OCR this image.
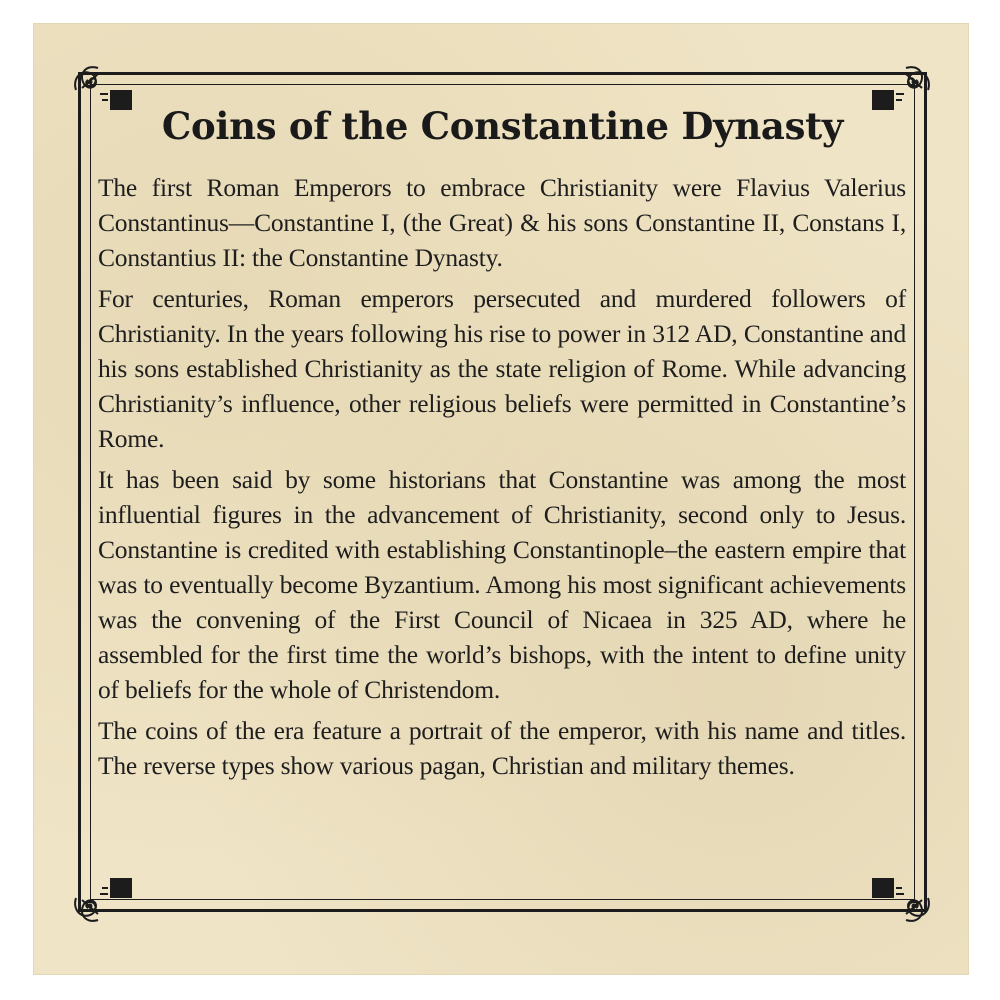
Coins of the Constantine Dynasty

The first Roman Emperors to embrace Christianity were Flavius Valerius Constantinus—Constantine I, (the Great) & his sons Constantine II, Constans I, Constantius II: the Constantine Dynasty.

For centuries, Roman emperors persecuted and murdered followers of Christianity. In the years following his rise to power in 312 AD, Constantine and his sons established Christianity as the state religion of Rome. While advancing Christianity’s influence, other religious beliefs were permitted in Constantine’s Rome.

It has been said by some historians that Constantine was among the most influential figures in the advancement of Christianity, second only to Jesus. Constantine is credited with establishing Constantinople–the eastern empire that was to eventually become Byzantium. Among his most significant achievements was the convening of the First Council of Nicaea in 325 AD, where he assembled for the first time the world’s bishops, with the intent to define unity of beliefs for the whole of Christendom.

The coins of the era feature a portrait of the emperor, with his name and titles. The reverse types show various pagan, Christian and military themes.
